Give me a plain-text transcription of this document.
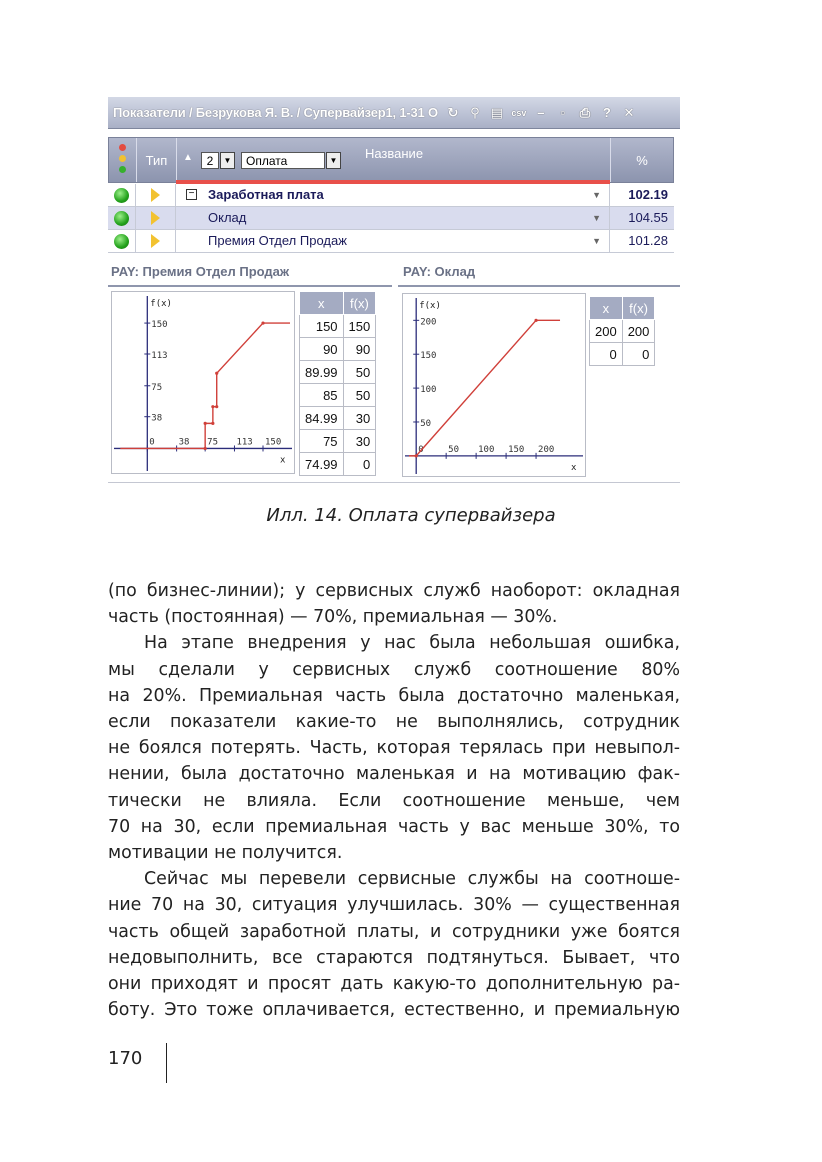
Показатели / Безрукова Я. В. / Супервайзер1, 1-31 О ↻ ⚲ ▤ csv –	▫	⎙ ? ✕
Тип	▲	2	▼	Оплата	▼	Название	%
− Заработная плата	▼	102.19
Оклад	▼	104.55
Премия Отдел Продаж	▼	101.28
PAY: Премия Отдел Продаж
150
113
75
38
0	38 75 113 150
f(x)
x
x	f(x)
150	150
90	90
89.99	50
85	50
84.99	30
75	30
74.99	0
PAY: Оклад
200
150
100
50
0	50 100 150 200
f(x)
x
x	f(x)
200	200
0	0
Илл. 14. Оплата супервайзера
(по бизнес-линии); у сервисных служб наоборот: окладная
часть (постоянная) — 70%, премиальная — 30%.
На этапе внедрения у нас была небольшая ошибка,
мы сделали у сервисных служб соотношение 80%
на 20%. Премиальная часть была достаточно маленькая,
если показатели какие-то не выполнялись, сотрудник
не боялся потерять. Часть, которая терялась при невыпол-
нении, была достаточно маленькая и на мотивацию фак-
тически не влияла. Если соотношение меньше, чем
70 на 30, если премиальная часть у вас меньше 30%, то
мотивации не получится.
Сейчас мы перевели сервисные службы на соотноше-
ние 70 на 30, ситуация улучшилась. 30% — существенная
часть общей заработной платы, и сотрудники уже боятся
недовыполнить, все стараются подтянуться. Бывает, что
они приходят и просят дать какую-то дополнительную ра-
боту. Это тоже оплачивается, естественно, и премиальную
170
